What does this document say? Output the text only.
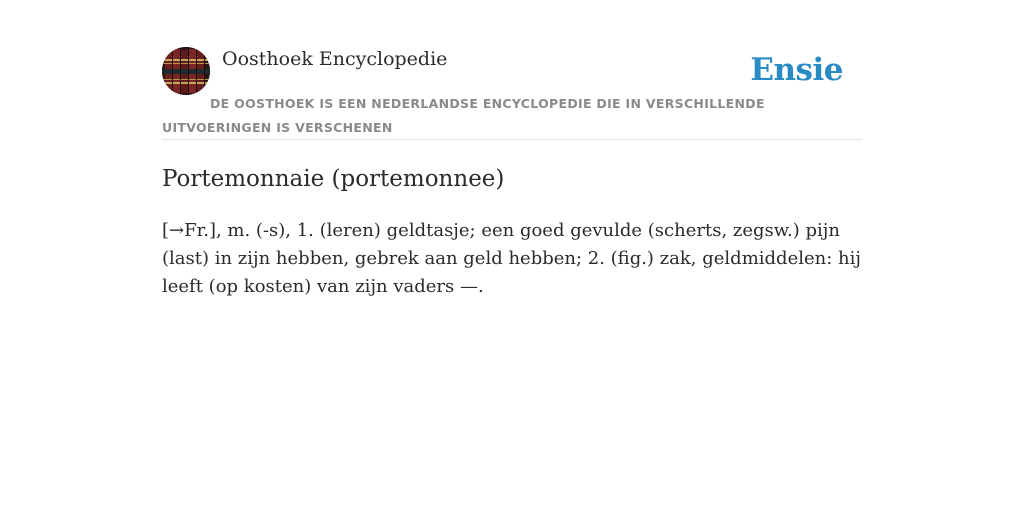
Oosthoek Encyclopedie	Ensie

DE OOSTHOEK IS EEN NEDERLANDSE ENCYCLOPEDIE DIE IN VERSCHILLENDE UITVOERINGEN IS VERSCHENEN

Portemonnaie (portemonnee)

[→Fr.], m. (-s), 1. (leren) geldtasje; een goed gevulde (scherts, zegsw.) pijn (last) in zijn hebben, gebrek aan geld hebben; 2. (fig.) zak, geldmiddelen: hij leeft (op kosten) van zijn vaders —.
